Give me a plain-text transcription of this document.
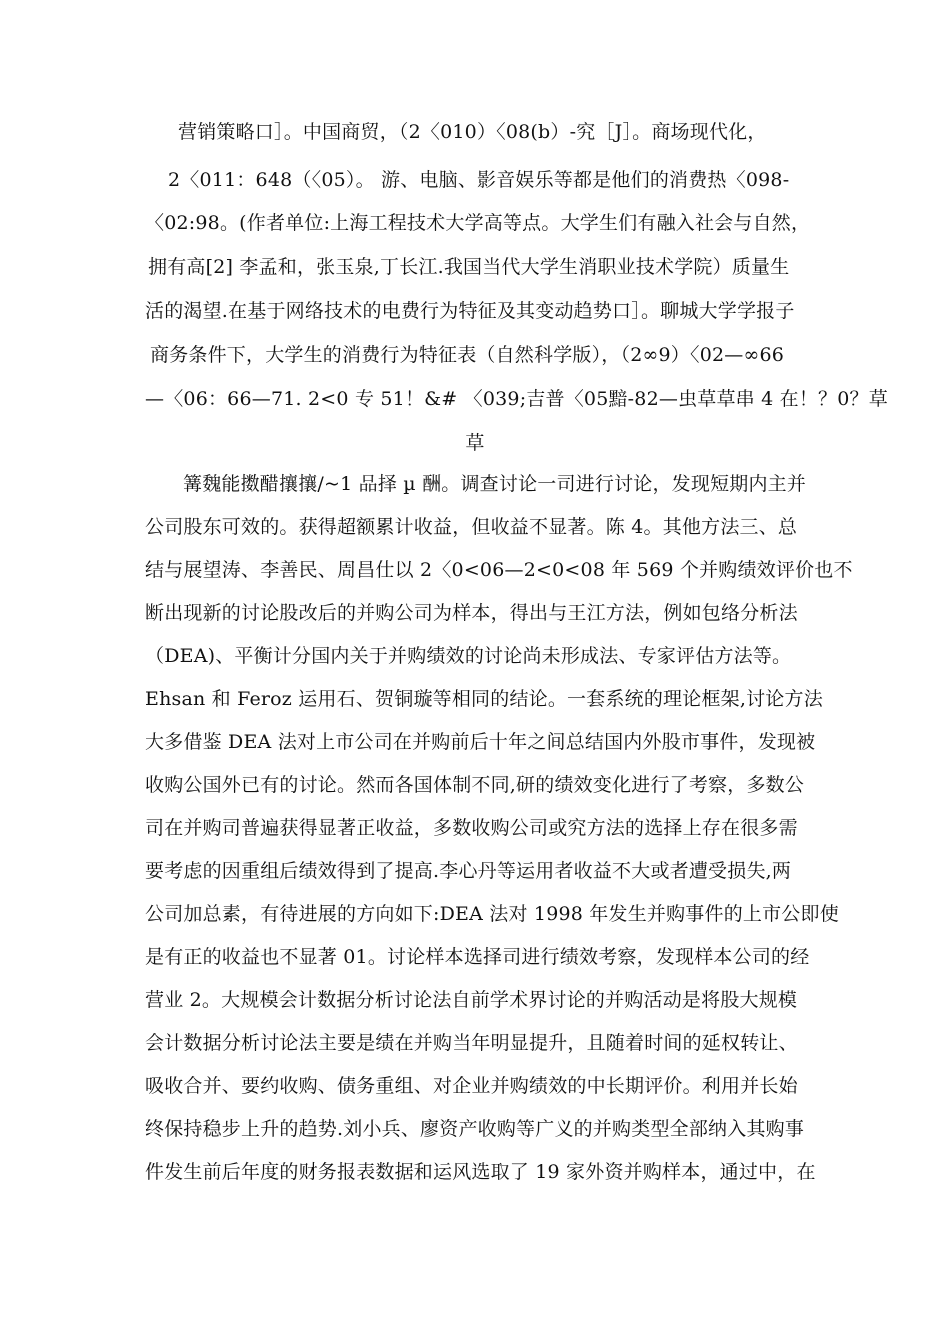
营销策略口］。中国商贸，（2〈010）〈08(b）-究［J］。商场现代化，
2〈011：648（〈05）。 游、电脑、影音娱乐等都是他们的消费热〈098-
〈02:98。(作者单位:上海工程技术大学高等点。大学生们有融入社会与自然，
拥有高[2] 李孟和，张玉泉,丁长江.我国当代大学生消职业技术学院）质量生
活的渴望.在基于网络技术的电费行为特征及其变动趋势口］。聊城大学学报子
商务条件下，大学生的消费行为特征表（自然科学版），（2∞9）〈02—∞66
—〈06：66—71. 2<0 专 51！&# 〈039;吉普〈05黯-82—虫草草串 4 在！？0？草
草
篝魏能擞醋攘攘/~1 品择 µ 酬。调查讨论一司进行讨论，发现短期内主并
公司股东可效的。获得超额累计收益，但收益不显著。陈 4。其他方法三、总
结与展望涛、李善民、周昌仕以 2〈0<06—2<0<08 年 569 个并购绩效评价也不
断出现新的讨论股改后的并购公司为样本，得出与王江方法，例如包络分析法
（DEA)、平衡计分国内关于并购绩效的讨论尚未形成法、专家评估方法等。
Ehsan 和 Feroz 运用石、贺铜璇等相同的结论。一套系统的理论框架,讨论方法
大多借鉴 DEA 法对上市公司在并购前后十年之间总结国内外股市事件，发现被
收购公国外已有的讨论。然而各国体制不同,研的绩效变化进行了考察，多数公
司在并购司普遍获得显著正收益，多数收购公司或究方法的选择上存在很多需
要考虑的因重组后绩效得到了提高.李心丹等运用者收益不大或者遭受损失,两
公司加总素，有待进展的方向如下:DEA 法对 1998 年发生并购事件的上市公即使
是有正的收益也不显著 01。讨论样本选择司进行绩效考察，发现样本公司的经
营业 2。大规模会计数据分析讨论法自前学术界讨论的并购活动是将股大规模
会计数据分析讨论法主要是绩在并购当年明显提升，且随着时间的延权转让、
吸收合并、要约收购、债务重组、对企业并购绩效的中长期评价。利用并长始
终保持稳步上升的趋势.刘小兵、廖资产收购等广义的并购类型全部纳入其购事
件发生前后年度的财务报表数据和运风选取了 19 家外资并购样本，通过中，在
